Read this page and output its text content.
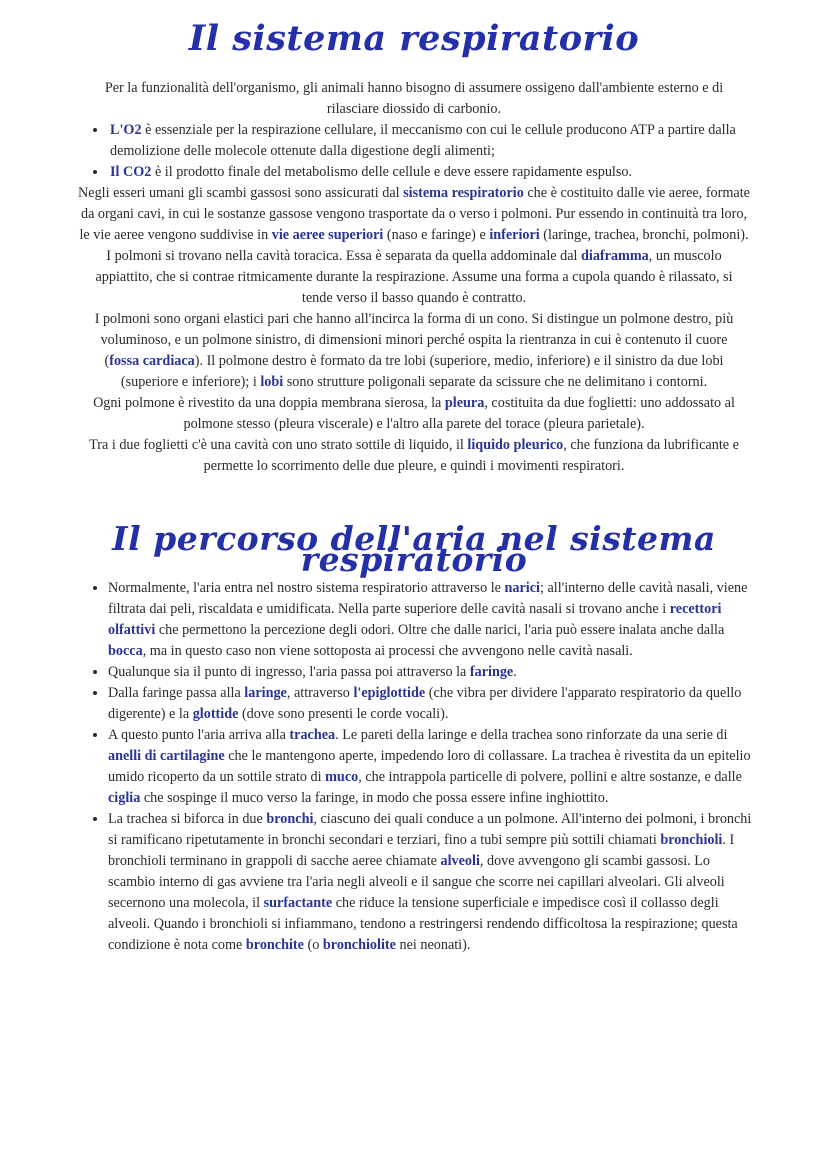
Il sistema respiratorio

Per la funzionalità dell'organismo, gli animali hanno bisogno di assumere ossigeno dall'ambiente esterno e di rilasciare diossido di carbonio.

• L'O2 è essenziale per la respirazione cellulare, il meccanismo con cui le cellule producono ATP a partire dalla demolizione delle molecole ottenute dalla digestione degli alimenti;
• Il CO2 è il prodotto finale del metabolismo delle cellule e deve essere rapidamente espulso.

Negli esseri umani gli scambi gassosi sono assicurati dal sistema respiratorio che è costituito dalle vie aeree, formate da organi cavi, in cui le sostanze gassose vengono trasportate da o verso i polmoni. Pur essendo in continuità tra loro, le vie aeree vengono suddivise in vie aeree superiori (naso e faringe) e inferiori (laringe, trachea, bronchi, polmoni).

I polmoni si trovano nella cavità toracica. Essa è separata da quella addominale dal diaframma, un muscolo appiattito, che si contrae ritmicamente durante la respirazione. Assume una forma a cupola quando è rilassato, si tende verso il basso quando è contratto.

I polmoni sono organi elastici pari che hanno all'incirca la forma di un cono. Si distingue un polmone destro, più voluminoso, e un polmone sinistro, di dimensioni minori perché ospita la rientranza in cui è contenuto il cuore (fossa cardiaca). Il polmone destro è formato da tre lobi (superiore, medio, inferiore) e il sinistro da due lobi (superiore e inferiore); i lobi sono strutture poligonali separate da scissure che ne delimitano i contorni.

Ogni polmone è rivestito da una doppia membrana sierosa, la pleura, costituita da due foglietti: uno addossato al polmone stesso (pleura viscerale) e l'altro alla parete del torace (pleura parietale).

Tra i due foglietti c'è una cavità con uno strato sottile di liquido, il liquido pleurico, che funziona da lubrificante e permette lo scorrimento delle due pleure, e quindi i movimenti respiratori.

Il percorso dell'aria nel sistema respiratorio
• Normalmente, l'aria entra nel nostro sistema respiratorio attraverso le narici; all'interno delle cavità nasali, viene filtrata dai peli, riscaldata e umidificata. Nella parte superiore delle cavità nasali si trovano anche i recettori olfattivi che permettono la percezione degli odori. Oltre che dalle narici, l'aria può essere inalata anche dalla bocca, ma in questo caso non viene sottoposta ai processi che avvengono nelle cavità nasali.
• Qualunque sia il punto di ingresso, l'aria passa poi attraverso la faringe.
• Dalla faringe passa alla laringe, attraverso l'epiglottide (che vibra per dividere l'apparato respiratorio da quello digerente) e la glottide (dove sono presenti le corde vocali).
• A questo punto l'aria arriva alla trachea. Le pareti della laringe e della trachea sono rinforzate da una serie di anelli di cartilagine che le mantengono aperte, impedendo loro di collassare. La trachea è rivestita da un epitelio umido ricoperto da un sottile strato di muco, che intrappola particelle di polvere, pollini e altre sostanze, e dalle ciglia che sospinge il muco verso la faringe, in modo che possa essere infine inghiottito.
• La trachea si biforca in due bronchi, ciascuno dei quali conduce a un polmone. All'interno dei polmoni, i bronchi si ramificano ripetutamente in bronchi secondari e terziari, fino a tubi sempre più sottili chiamati bronchioli. I bronchioli terminano in grappoli di sacche aeree chiamate alveoli, dove avvengono gli scambi gassosi. Lo scambio interno di gas avviene tra l'aria negli alveoli e il sangue che scorre nei capillari alveolari. Gli alveoli secernono una molecola, il surfactante che riduce la tensione superficiale e impedisce così il collasso degli alveoli. Quando i bronchioli si infiammano, tendono a restringersi rendendo difficoltosa la respirazione; questa condizione è nota come bronchite (o bronchiolite nei neonati).
